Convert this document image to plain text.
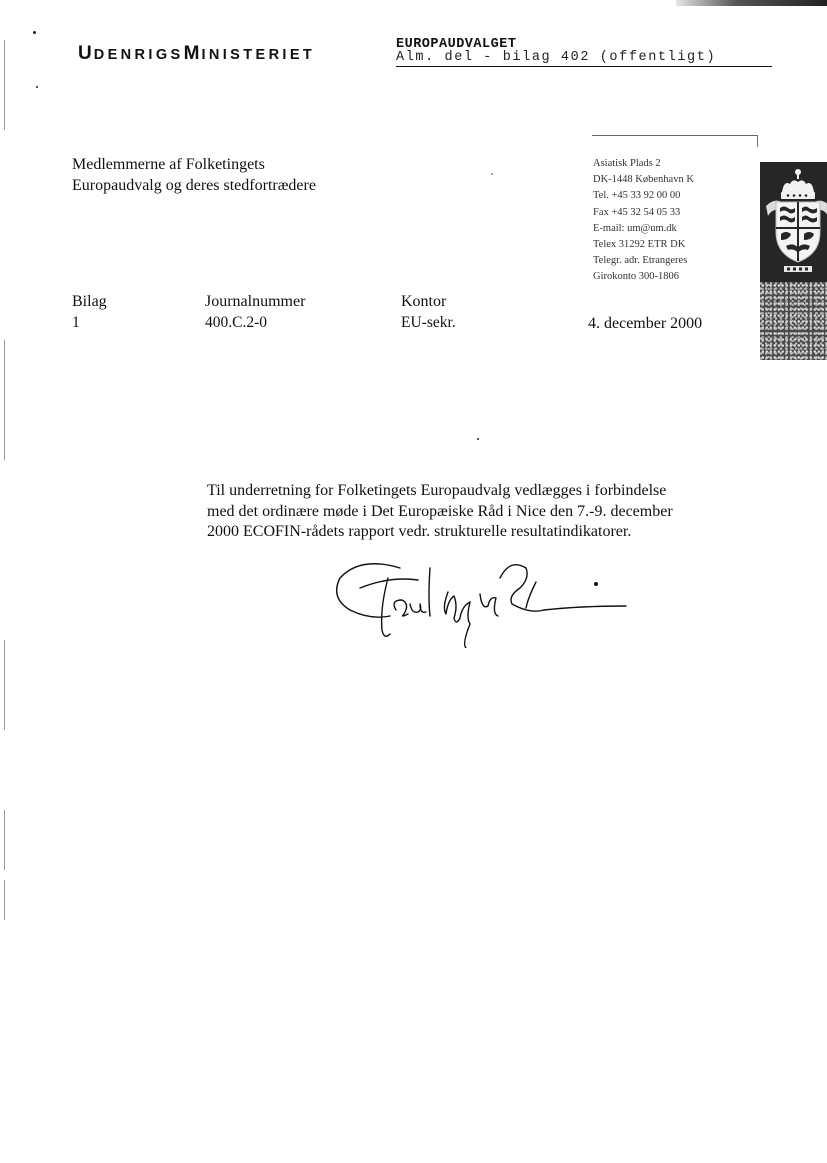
UDENRIGSMINISTERIET
EUROPAUDVALGET
Alm. del - bilag 402 (offentligt)
Medlemmerne af Folketingets
Europaudvalg og deres stedfortrædere
Asiatisk Plads 2
DK-1448 København K
Tel. +45 33 92 00 00
Fax +45 32 54 05 33
E-mail: um@um.dk
Telex 31292 ETR DK
Telegr. adr. Etrangeres
Girokonto 300-1806
Bilag
1
Journalnummer
400.C.2-0
Kontor
EU-sekr.	4. december 2000
Til underretning for Folketingets Europaudvalg vedlægges i forbindelse
med det ordinære møde i Det Europæiske Råd i Nice den 7.-9. december
2000 ECOFIN-rådets rapport vedr. strukturelle resultatindikatorer.
